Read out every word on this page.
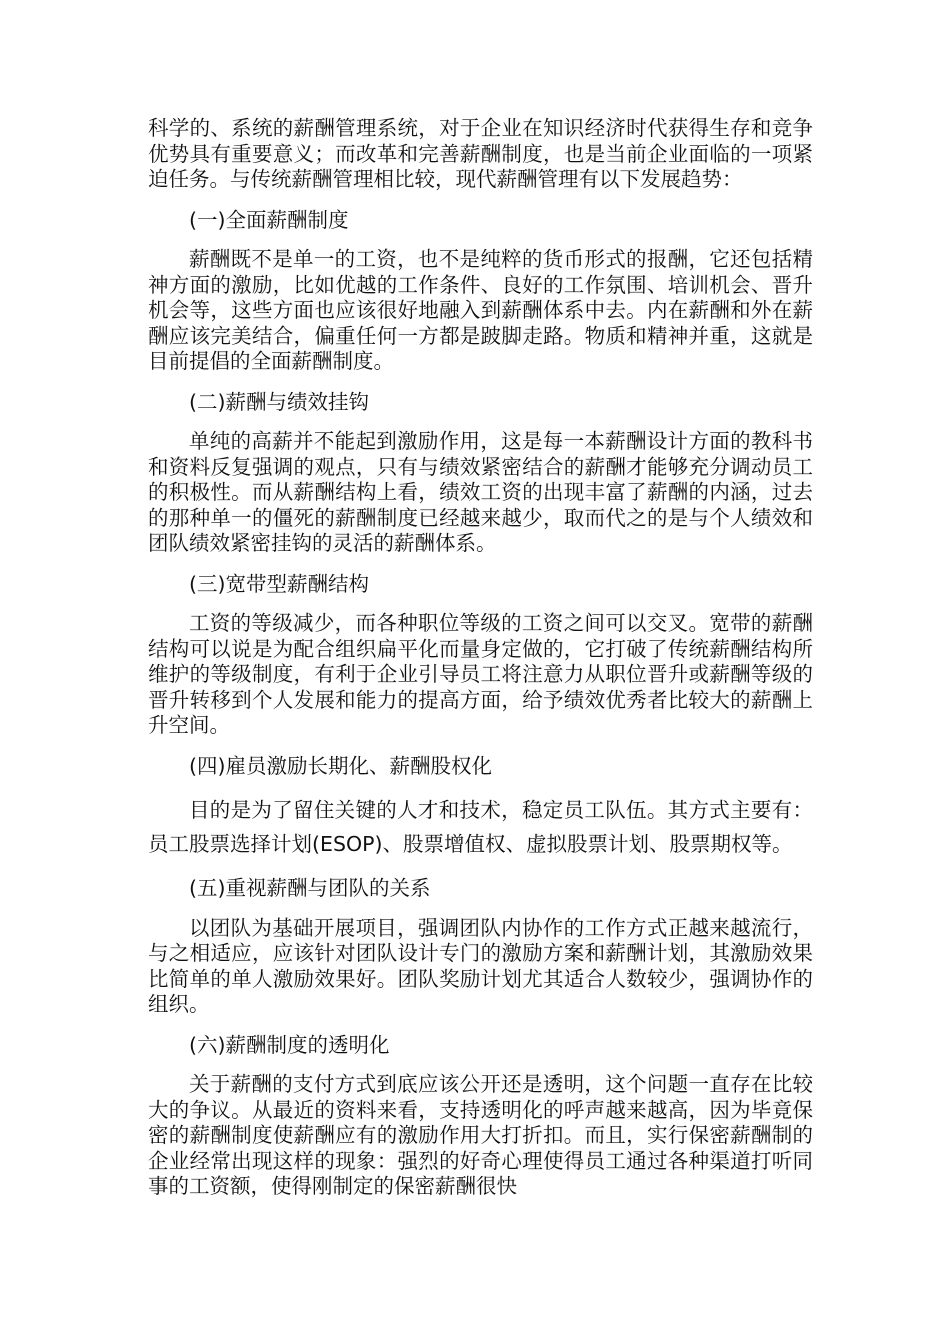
科学的、系统的薪酬管理系统，对于企业在知识经济时代获得生存和竞争优势具有重要意义；而改革和完善薪酬制度，也是当前企业面临的一项紧迫任务。与传统薪酬管理相比较，现代薪酬管理有以下发展趋势：

(一)全面薪酬制度

薪酬既不是单一的工资，也不是纯粹的货币形式的报酬，它还包括精神方面的激励，比如优越的工作条件、良好的工作氛围、培训机会、晋升机会等，这些方面也应该很好地融入到薪酬体系中去。内在薪酬和外在薪酬应该完美结合，偏重任何一方都是跛脚走路。物质和精神并重，这就是目前提倡的全面薪酬制度。

(二)薪酬与绩效挂钩

单纯的高薪并不能起到激励作用，这是每一本薪酬设计方面的教科书和资料反复强调的观点，只有与绩效紧密结合的薪酬才能够充分调动员工的积极性。而从薪酬结构上看，绩效工资的出现丰富了薪酬的内涵，过去的那种单一的僵死的薪酬制度已经越来越少，取而代之的是与个人绩效和团队绩效紧密挂钩的灵活的薪酬体系。

(三)宽带型薪酬结构

工资的等级减少，而各种职位等级的工资之间可以交叉。宽带的薪酬结构可以说是为配合组织扁平化而量身定做的，它打破了传统薪酬结构所维护的等级制度，有利于企业引导员工将注意力从职位晋升或薪酬等级的晋升转移到个人发展和能力的提高方面，给予绩效优秀者比较大的薪酬上升空间。

(四)雇员激励长期化、薪酬股权化

目的是为了留住关键的人才和技术，稳定员工队伍。其方式主要有：员工股票选择计划(ESOP)、股票增值权、虚拟股票计划、股票期权等。

(五)重视薪酬与团队的关系

以团队为基础开展项目，强调团队内协作的工作方式正越来越流行，与之相适应，应该针对团队设计专门的激励方案和薪酬计划，其激励效果比简单的单人激励效果好。团队奖励计划尤其适合人数较少，强调协作的组织。

(六)薪酬制度的透明化

关于薪酬的支付方式到底应该公开还是透明，这个问题一直存在比较大的争议。从最近的资料来看，支持透明化的呼声越来越高，因为毕竟保密的薪酬制度使薪酬应有的激励作用大打折扣。而且，实行保密薪酬制的企业经常出现这样的现象：强烈的好奇心理使得员工通过各种渠道打听同事的工资额，使得刚制定的保密薪酬很快
